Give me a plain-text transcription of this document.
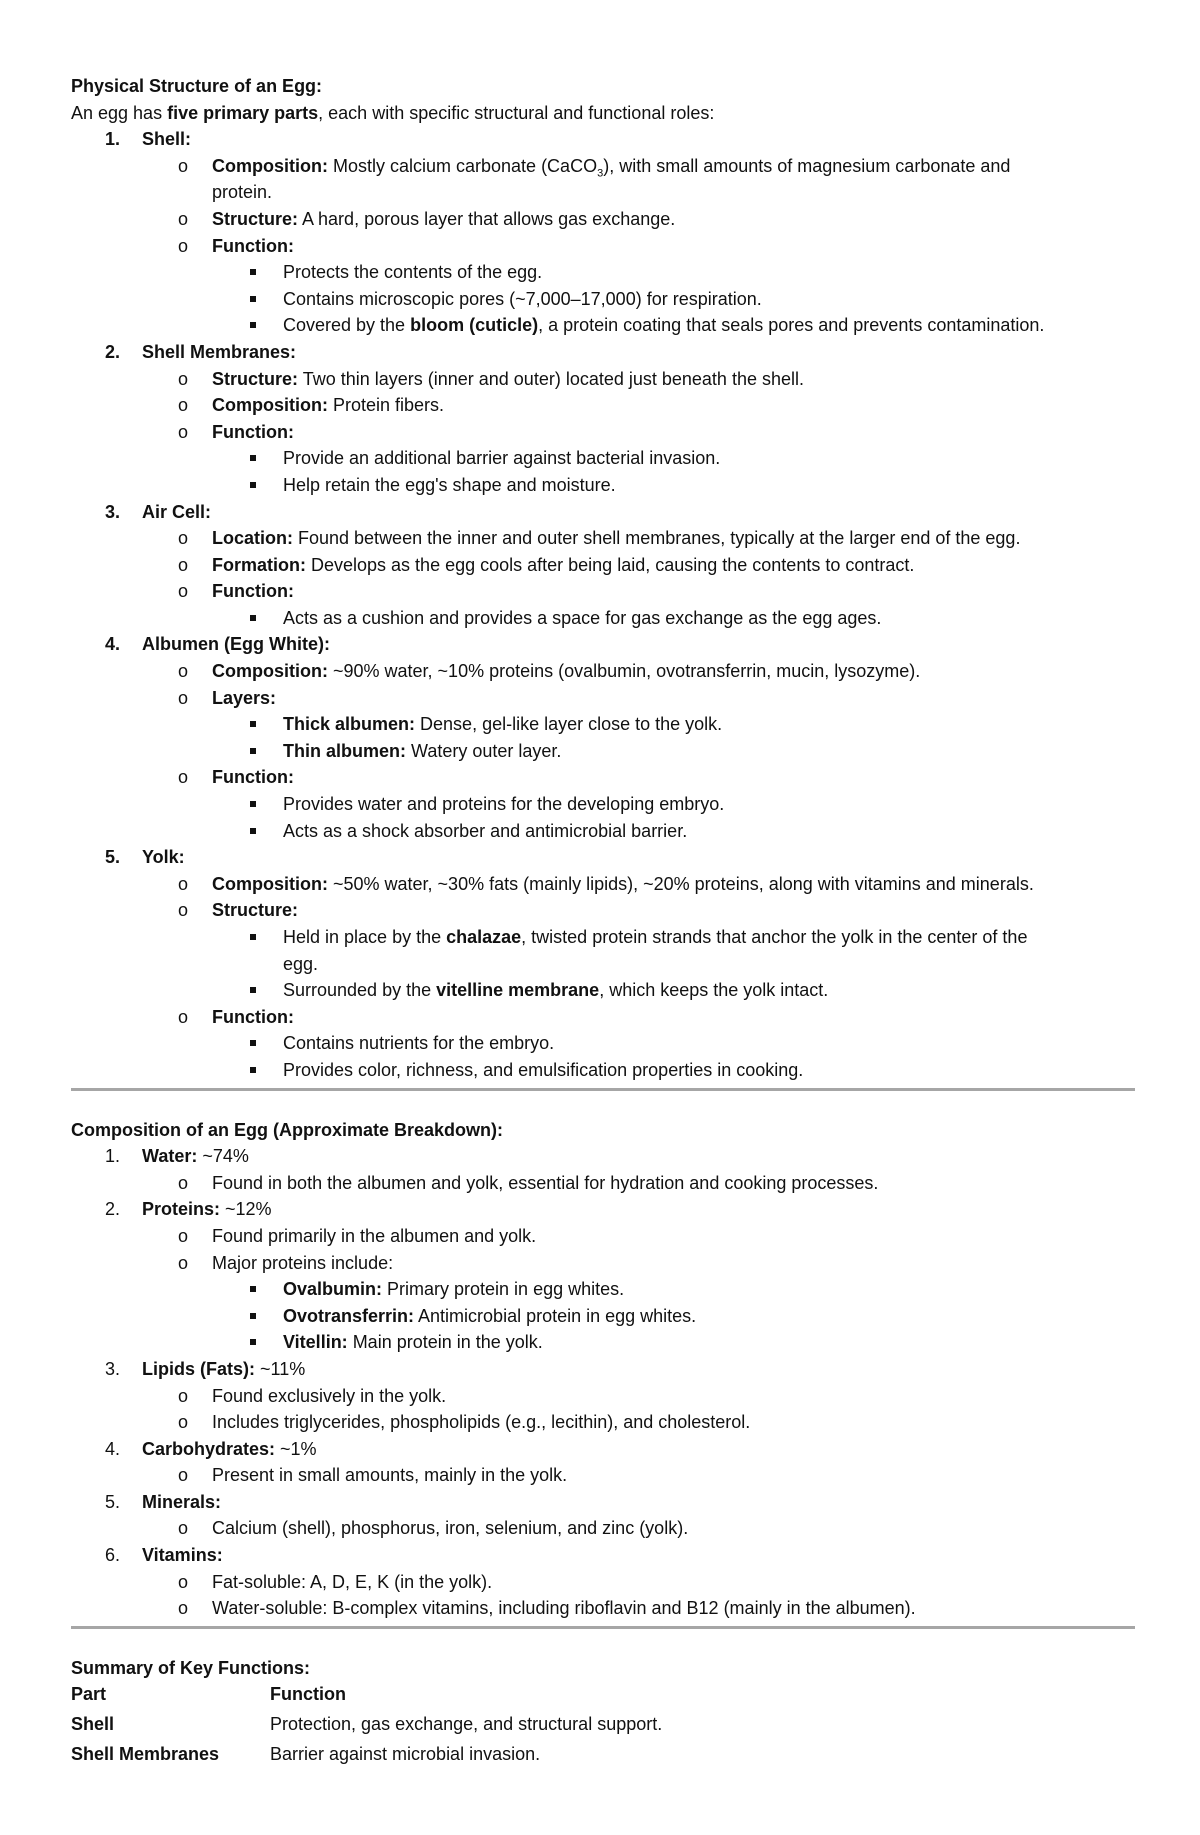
Physical Structure of an Egg:
An egg has five primary parts, each with specific structural and functional roles:
1.	Shell:
o Composition: Mostly calcium carbonate (CaCO$_3$), with small amounts of magnesium carbonate and
protein.
o Structure: A hard, porous layer that allows gas exchange.
o Function:
Protects the contents of the egg.
Contains microscopic pores (~7,000–17,000) for respiration.
Covered by the bloom (cuticle), a protein coating that seals pores and prevents contamination.
2.	Shell Membranes:
o Structure: Two thin layers (inner and outer) located just beneath the shell.
o Composition: Protein fibers.
o Function:
Provide an additional barrier against bacterial invasion.
Help retain the egg's shape and moisture.
3.	Air Cell:
o Location: Found between the inner and outer shell membranes, typically at the larger end of the egg.
o Formation: Develops as the egg cools after being laid, causing the contents to contract.
o Function:
Acts as a cushion and provides a space for gas exchange as the egg ages.
4.	Albumen (Egg White):
o Composition: ~90% water, ~10% proteins (ovalbumin, ovotransferrin, mucin, lysozyme).
o Layers:
Thick albumen: Dense, gel-like layer close to the yolk.
Thin albumen: Watery outer layer.
o Function:
Provides water and proteins for the developing embryo.
Acts as a shock absorber and antimicrobial barrier.
5.	Yolk:
o Composition: ~50% water, ~30% fats (mainly lipids), ~20% proteins, along with vitamins and minerals.
o Structure:
Held in place by the chalazae, twisted protein strands that anchor the yolk in the center of the
egg.
Surrounded by the vitelline membrane, which keeps the yolk intact.
o Function:
Contains nutrients for the embryo.
Provides color, richness, and emulsification properties in cooking.
Composition of an Egg (Approximate Breakdown):
1.	Water: ~74%
o Found in both the albumen and yolk, essential for hydration and cooking processes.
2.	Proteins: ~12%
o Found primarily in the albumen and yolk.
o Major proteins include:
Ovalbumin: Primary protein in egg whites.
Ovotransferrin: Antimicrobial protein in egg whites.
Vitellin: Main protein in the yolk.
3.	Lipids (Fats): ~11%
o Found exclusively in the yolk.
o Includes triglycerides, phospholipids (e.g., lecithin), and cholesterol.
4.	Carbohydrates: ~1%
o Present in small amounts, mainly in the yolk.
5.	Minerals:
o Calcium (shell), phosphorus, iron, selenium, and zinc (yolk).
6.	Vitamins:
o Fat-soluble: A, D, E, K (in the yolk).
o Water-soluble: B-complex vitamins, including riboflavin and B12 (mainly in the albumen).
Summary of Key Functions:
Part	Function
Shell	Protection, gas exchange, and structural support.
Shell Membranes	Barrier against microbial invasion.
